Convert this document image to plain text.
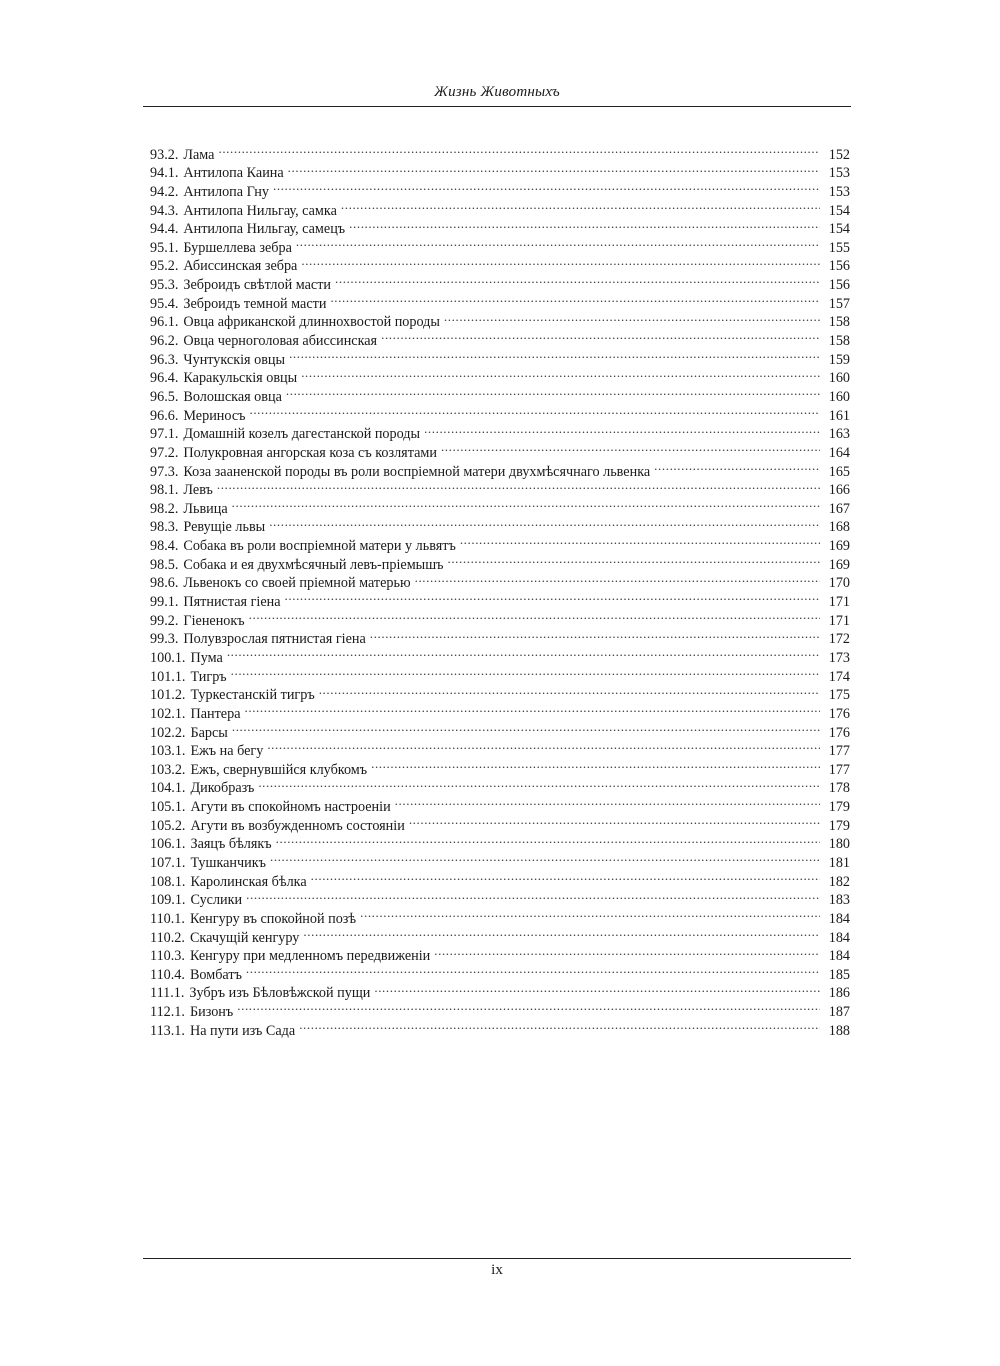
Жизнь Животныхъ
93.2. Лама .....	152
94.1. Антилопа Каина .....	153
94.2. Антилопа Гну .....	153
94.3. Антилопа Нильгау, самка .....	154
94.4. Антилопа Нильгау, самецъ .....	154
95.1. Буршеллева зебра .....	155
95.2. Абиссинская зебра .....	156
95.3. Зеброидъ свѣтлой масти .....	156
95.4. Зеброидъ темной масти .....	157
96.1. Овца африканской длиннохвостой породы .....	158
96.2. Овца черноголовая абиссинская .....	158
96.3. Чунтукскія овцы .....	159
96.4. Каракульскія овцы .....	160
96.5. Волошская овца .....	160
96.6. Мериносъ .....	161
97.1. Домашній козелъ дагестанской породы .....	163
97.2. Полукровная ангорская коза съ козлятами .....	164
97.3. Коза зааненской породы въ роли воспріемной матери двухмѣсячнаго львенка .....	165
98.1. Левъ .....	166
98.2. Львица .....	167
98.3. Ревущіе львы .....	168
98.4. Собака въ роли воспріемной матери у львятъ .....	169
98.5. Собака и ея двухмѣсячный левъ-пріемышъ .....	169
98.6. Львенокъ со своей пріемной матерью .....	170
99.1. Пятнистая гіена .....	171
99.2. Гіененокъ .....	171
99.3. Полувзрослая пятнистая гіена .....	172
100.1. Пума .....	173
101.1. Тигръ .....	174
101.2. Туркестанскій тигръ .....	175
102.1. Пантера .....	176
102.2. Барсы .....	176
103.1. Ежъ на бегу .....	177
103.2. Ежъ, свернувшійся клубкомъ .....	177
104.1. Дикобразъ .....	178
105.1. Агути въ спокойномъ настроеніи .....	179
105.2. Агути въ возбужденномъ состояніи .....	179
106.1. Заяцъ бѣлякъ .....	180
107.1. Тушканчикъ .....	181
108.1. Каролинская бѣлка .....	182
109.1. Суслики .....	183
110.1. Кенгуру въ спокойной позѣ .....	184
110.2. Скачущій кенгуру .....	184
110.3. Кенгуру при медленномъ передвиженіи .....	184
110.4. Вомбатъ .....	185
111.1. Зубръ изъ Бѣловѣжской пущи .....	186
112.1. Бизонъ .....	187
113.1. На пути изъ Сада .....	188
ix
